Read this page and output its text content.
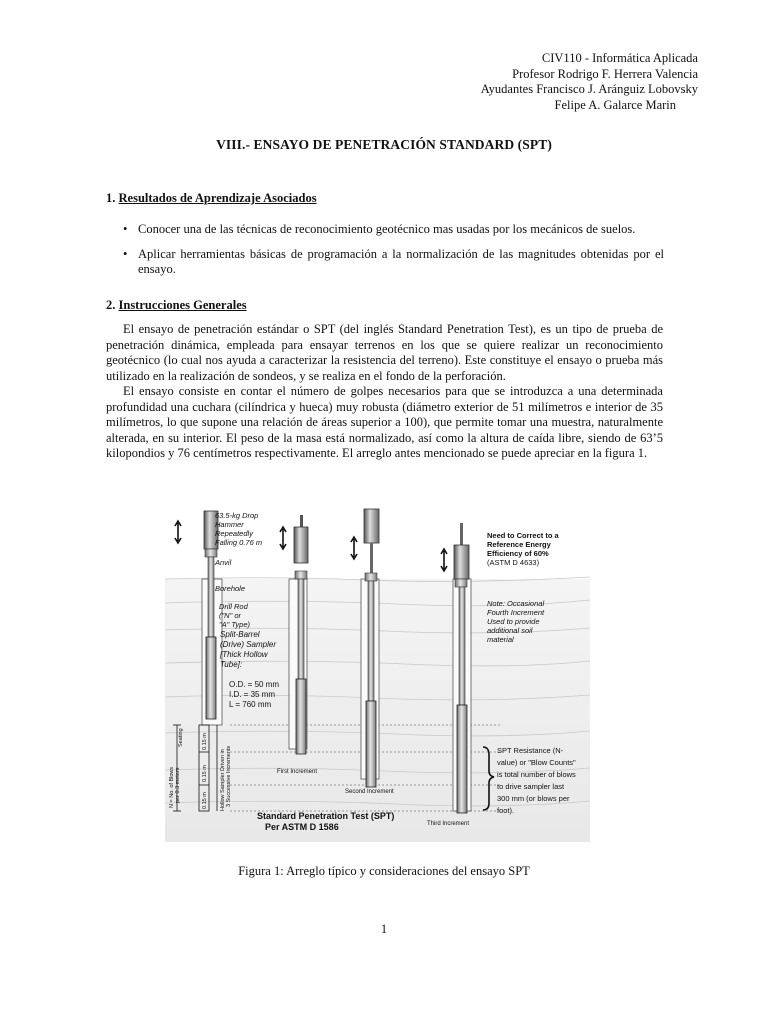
CIV110 - Informática Aplicada
Profesor Rodrigo F. Herrera Valencia
Ayudantes Francisco J. Aránguiz Lobovsky
Felipe A. Galarce Marin
VIII.- ENSAYO DE PENETRACIÓN STANDARD (SPT)
1. Resultados de Aprendizaje Asociados
• Conocer una de las técnicas de reconocimiento geotécnico mas usadas por los mecánicos de suelos.
• Aplicar herramientas básicas de programación a la normalización de las magnitudes obtenidas por el ensayo.
2. Instrucciones Generales

El ensayo de penetración estándar o SPT (del inglés Standard Penetration Test), es un tipo de prueba de penetración dinámica, empleada para ensayar terrenos en los que se quiere realizar un reconocimiento geotécnico (lo cual nos ayuda a caracterizar la resistencia del terreno). Este constituye el ensayo o prueba más utilizado en la realización de sondeos, y se realiza en el fondo de la perforación.

El ensayo consiste en contar el número de golpes necesarios para que se introduzca a una determinada profundidad una cuchara (cilíndrica y hueca) muy robusta (diámetro exterior de 51 milímetros e interior de 35 milímetros, lo que supone una relación de áreas superior a 100), que permite tomar una muestra, naturalmente alterada, en su interior. El peso de la masa está normalizado, así como la altura de caída libre, siendo de 63’5 kilopondios y 76 centímetros respectivamente. El arreglo antes mencionado se puede apreciar en la figura 1.

63.5-kg Drop Hammer Repeatedly Falling 0.76 m
Anvil
Borehole
Drill Rod ("N" or "A" Type)
Split-Barrel (Drive) Sampler [Thick Hollow Tube]:
O.D. = 50 mm I.D. = 35 mm L = 760 mm
Need to Correct to a Reference Energy Efficiency of 60% (ASTM D 4633)
Note: Occasional Fourth Increment Used to provide additional soil material
Seating
N = No. of Blows per 0.3 meters
0.15 m
0.15 m
0.15 m Hollow Sampler Driven in 3 Successive Increments	First Increment
Second Increment
Third Increment
Standard Penetration Test (SPT) Per ASTM D 1586
SPT Resistance (N-value) or "Blow Counts" is total number of blows to drive sampler last 300 mm (or blows per foot).
Figura 1: Arreglo típico y consideraciones del ensayo SPT
1
